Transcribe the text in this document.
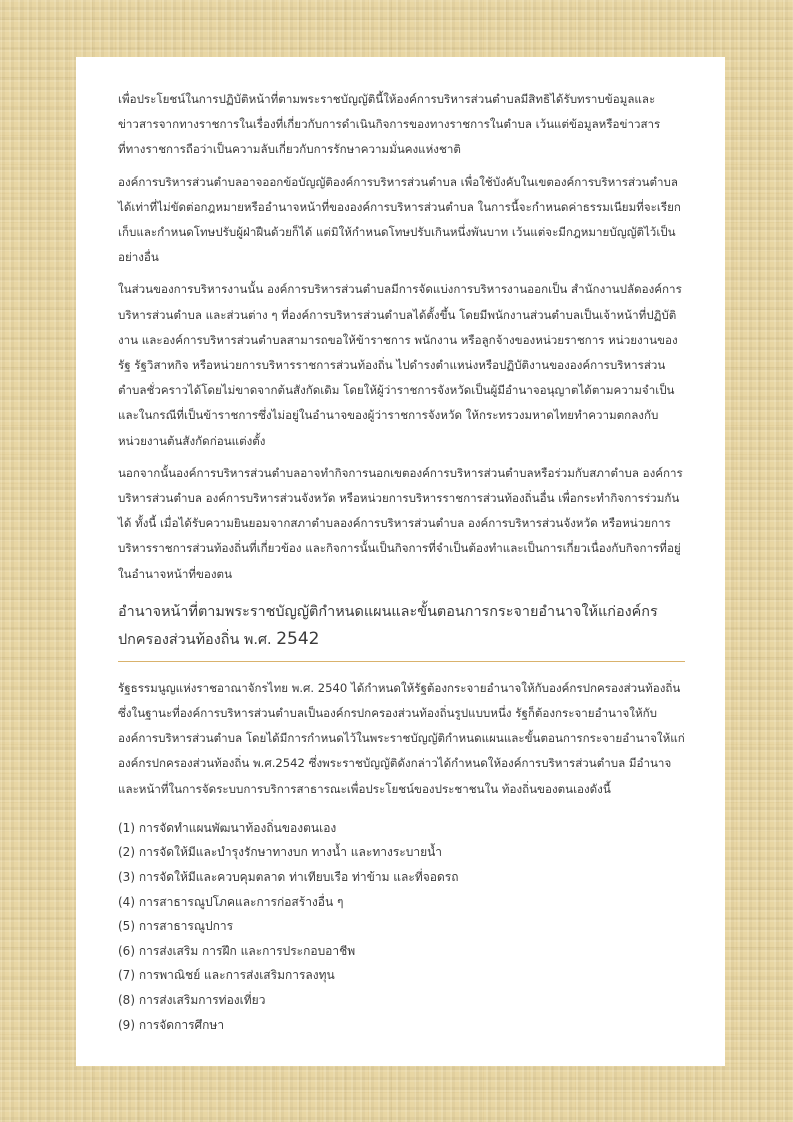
เพื่อประโยชน์ในการปฏิบัติหน้าที่ตามพระราชบัญญัตินี้ให้องค์การบริหารส่วนตำบลมีสิทธิได้รับทราบข้อมูลและข่าวสารจากทางราชการในเรื่องที่เกี่ยวกับการดำเนินกิจการของทางราชการในตำบล เว้นแต่ข้อมูลหรือข่าวสารที่ทางราชการถือว่าเป็นความลับเกี่ยวกับการรักษาความมั่นคงแห่งชาติ

องค์การบริหารส่วนตำบลอาจออกข้อบัญญัติองค์การบริหารส่วนตำบล เพื่อใช้บังคับในเขตองค์การบริหารส่วนตำบลได้เท่าที่ไม่ขัดต่อกฎหมายหรืออำนาจหน้าที่ขององค์การบริหารส่วนตำบล ในการนี้จะกำหนดค่าธรรมเนียมที่จะเรียกเก็บและกำหนดโทษปรับผู้ฝ่าฝืนด้วยก็ได้ แต่มิให้กำหนดโทษปรับเกินหนึ่งพันบาท เว้นแต่จะมีกฎหมายบัญญัติไว้เป็นอย่างอื่น

ในส่วนของการบริหารงานนั้น องค์การบริหารส่วนตำบลมีการจัดแบ่งการบริหารงานออกเป็น สำนักงานปลัดองค์การบริหารส่วนตำบล และส่วนต่าง ๆ ที่องค์การบริหารส่วนตำบลได้ตั้งขึ้น โดยมีพนักงานส่วนตำบลเป็นเจ้าหน้าที่ปฏิบัติงาน และองค์การบริหารส่วนตำบลสามารถขอให้ข้าราชการ พนักงาน หรือลูกจ้างของหน่วยราชการ หน่วยงานของรัฐ รัฐวิสาหกิจ หรือหน่วยการบริหารราชการส่วนท้องถิ่น ไปดำรงตำแหน่งหรือปฏิบัติงานขององค์การบริหารส่วนตำบลชั่วคราวได้โดยไม่ขาดจากต้นสังกัดเดิม โดยให้ผู้ว่าราชการจังหวัดเป็นผู้มีอำนาจอนุญาตได้ตามความจำเป็น และในกรณีที่เป็นข้าราชการซึ่งไม่อยู่ในอำนาจของผู้ว่าราชการจังหวัด ให้กระทรวงมหาดไทยทำความตกลงกับหน่วยงานต้นสังกัดก่อนแต่งตั้ง

นอกจากนั้นองค์การบริหารส่วนตำบลอาจทำกิจการนอกเขตองค์การบริหารส่วนตำบลหรือร่วมกับสภาตำบล องค์การบริหารส่วนตำบล องค์การบริหารส่วนจังหวัด หรือหน่วยการบริหารราชการส่วนท้องถิ่นอื่น เพื่อกระทำกิจการร่วมกันได้ ทั้งนี้ เมื่อได้รับความยินยอมจากสภาตำบลองค์การบริหารส่วนตำบล องค์การบริหารส่วนจังหวัด หรือหน่วยการบริหารราชการส่วนท้องถิ่นที่เกี่ยวข้อง และกิจการนั้นเป็นกิจการที่จำเป็นต้องทำและเป็นการเกี่ยวเนื่องกับกิจการที่อยู่ในอำนาจหน้าที่ของตน

อำนาจหน้าที่ตามพระราชบัญญัติกำหนดแผนและขั้นตอนการกระจายอำนาจให้แก่องค์กรปกครองส่วนท้องถิ่น พ.ศ. 2542

รัฐธรรมนูญแห่งราชอาณาจักรไทย พ.ศ. 2540 ได้กำหนดให้รัฐต้องกระจายอำนาจให้กับองค์กรปกครองส่วนท้องถิ่น ซึ่งในฐานะที่องค์การบริหารส่วนตำบลเป็นองค์กรปกครองส่วนท้องถิ่นรูปแบบหนึ่ง รัฐก็ต้องกระจายอำนาจให้กับองค์การบริหารส่วนตำบล โดยได้มีการกำหนดไว้ในพระราชบัญญัติกำหนดแผนและขั้นตอนการกระจายอำนาจให้แก่องค์กรปกครองส่วนท้องถิ่น พ.ศ.2542 ซึ่งพระราชบัญญัติดังกล่าวได้กำหนดให้องค์การบริหารส่วนตำบล มีอำนาจและหน้าที่ในการจัดระบบการบริการสาธารณะเพื่อประโยชน์ของประชาชนใน ท้องถิ่นของตนเองดังนี้

(1) การจัดทำแผนพัฒนาท้องถิ่นของตนเอง
(2) การจัดให้มีและบำรุงรักษาทางบก ทางน้ำ และทางระบายน้ำ
(3) การจัดให้มีและควบคุมตลาด ท่าเทียบเรือ ท่าข้าม และที่จอดรถ
(4) การสาธารณูปโภคและการก่อสร้างอื่น ๆ
(5) การสาธารณูปการ
(6) การส่งเสริม การฝึก และการประกอบอาชีพ
(7) การพาณิชย์ และการส่งเสริมการลงทุน
(8) การส่งเสริมการท่องเที่ยว
(9) การจัดการศึกษา
